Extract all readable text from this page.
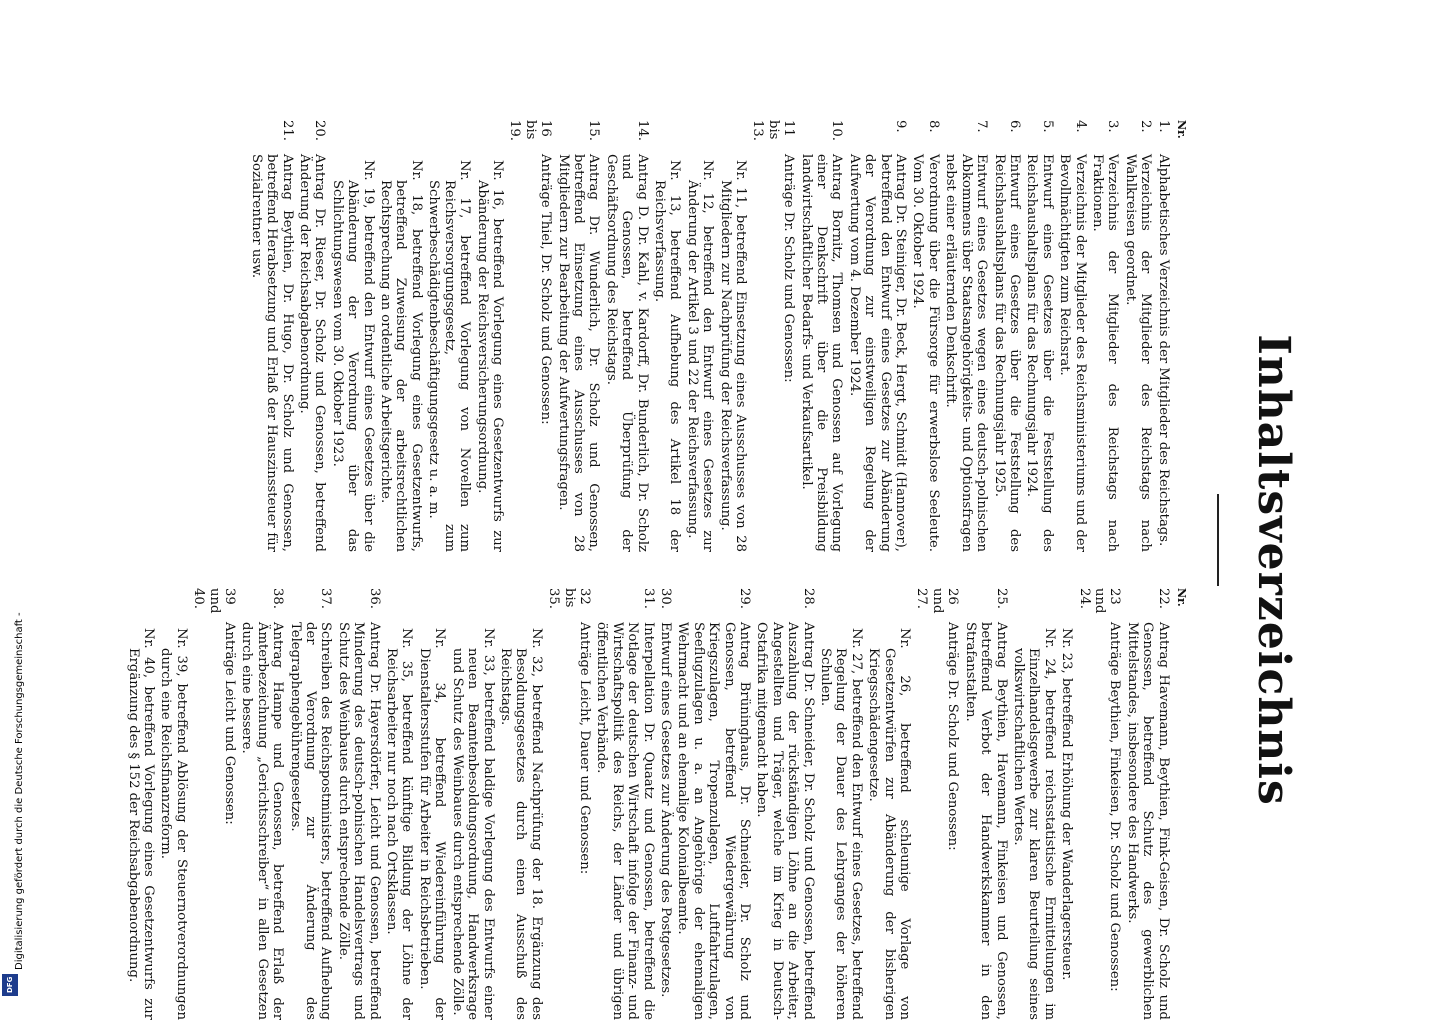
Digitalisierung gefördert durch die Deutsche Forschungsgemeinschaft -
DFG
Inhaltsverzeichnis
Nr.
1.
Alphabetisches Verzeichnis der Mitglieder des Reichstags.
2.
Verzeichnis der Mitglieder des Reichstags nach Wahlkreisen geordnet.
3.
Verzeichnis der Mitglieder des Reichstags nach Fraktionen.
4.
Verzeichnis der Mitglieder des Reichsministeriums und der Bevollmächtigten zum Reichsrat.
5.
Entwurf eines Gesetzes über die Feststellung des Reichshaushaltsplans für das Rechnungsjahr 1924.
6.
Entwurf eines Gesetzes über die Feststellung des Reichshaushaltsplans für das Rechnungsjahr 1925.
7.
Entwurf eines Gesetzes wegen eines deutsch-polnischen Abkommens über Staatsangehörigkeits- und Optionsfragen nebst einer erläuternden Denkschrift.
8.
Verordnung über die Fürsorge für erwerbslose Seeleute. Vom 30. Oktober 1924.
9.
Antrag Dr. Steiniger, Dr. Beck, Hergt, Schmidt (Hannover), betreffend den Entwurf eines Gesetzes zur Abänderung der Verordnung zur einstweiligen Regelung der Aufwertung vom 4. Dezember 1924.
10.
Antrag Bornitz, Thomsen und Genossen auf Vorlegung einer Denkschrift über die Preisbildung landwirtschaftlicher Bedarfs- und Verkaufsartikel.
11 bis 13.
Anträge Dr. Scholz und Genossen:
Nr. 11, betreffend Einsetzung eines Ausschusses von 28 Mitgliedern zur Nachprüfung der Reichsverfassung.
Nr. 12, betreffend den Entwurf eines Gesetzes zur Änderung der Artikel 3 und 22 der Reichsverfassung.
Nr. 13, betreffend Aufhebung des Artikel 18 der Reichsverfassung.
14.
Antrag D. Dr. Kahl, v. Kardorff, Dr. Bunderlich, Dr. Scholz und Genossen, betreffend Überprüfung der Geschäftsordnung des Reichstags.
15.
Antrag Dr. Wunderlich, Dr. Scholz und Genossen, betreffend Einsetzung eines Ausschusses von 28 Mitgliedern zur Bearbeitung der Aufwertungsfragen.
16 bis 19.
Anträge Thiel, Dr. Scholz und Genossen:
Nr. 16, betreffend Vorlegung eines Gesetzentwurfs zur Abänderung der Reichsversicherungsordnung.
Nr. 17, betreffend Vorlegung von Novellen zum Reichsversorgungsgesetz, zum Schwerbeschädigtenbeschäftigungsgesetz u. a. m.
Nr. 18, betreffend Vorlegung eines Gesetzentwurfs, betreffend Zuweisung der arbeitsrechtlichen Rechtsprechung an ordentliche Arbeitsgerichte.
Nr. 19, betreffend den Entwurf eines Gesetzes über die Abänderung der Verordnung über das Schlichtungswesen vom 30. Oktober 1923.
20.
Antrag Dr. Rieser, Dr. Scholz und Genossen, betreffend Änderung der Reichsabgabenordnung.
21.
Antrag Beythien, Dr. Hugo, Dr. Scholz und Genossen, betreffend Herabsetzung und Erlaß der Hauszinssteuer für Sozialrentner usw.
Nr.
22.
Antrag Havemann, Beythien, Fink-Geisen, Dr. Scholz und Genossen, betreffend Schutz des gewerblichen Mittelstandes, insbesondere des Handwerks.
23 und 24.
Anträge Beythien, Finkeisen, Dr. Scholz und Genossen:
Nr. 23, betreffend Erhöhung der Wanderlagersteuer.
Nr. 24, betreffend reichsstatistische Ermittelungen im Einzelhandelsgewerbe zur klaren Beurteilung seines volkswirtschaftlichen Wertes.
25.
Antrag Beythien, Havemann, Finkeisen und Genossen, betreffend Verbot der Handwerkskammer in den Strafanstalten.
26 und 27.
Anträge Dr. Scholz und Genossen:
Nr. 26, betreffend schleunige Vorlage von Gesetzentwürfen zur Abänderung der bisherigen Kriegsschädengesetze.
Nr. 27, betreffend den Entwurf eines Gesetzes, betreffend Regelung der Dauer des Lehrganges der höheren Schulen.
28.
Antrag Dr. Schneider, Dr. Scholz und Genossen, betreffend Auszahlung der rückständigen Löhne an die Arbeiter, Angestellten und Träger, welche im Krieg in Deutsch-Ostafrika mitgemacht haben.
29.
Antrag Brüninghaus, Dr. Schneider, Dr. Scholz und Genossen, betreffend Wiedergewährung von Kriegszulagen, Tropenzulagen, Luftfahrtzulagen, Seeflugzulagen u. a. an Angehörige der ehemaligen Wehrmacht und an ehemalige Kolonialbeamte.
30.
Entwurf eines Gesetzes zur Änderung des Postgesetzes.
31.
Interpellation Dr. Quaatz und Genossen, betreffend die Notlage der deutschen Wirtschaft infolge der Finanz- und Wirtschaftspolitik des Reichs, der Länder und übrigen öffentlichen Verbände.
32 bis 35.
Anträge Leicht, Dauer und Genossen:
Nr. 32, betreffend Nachprüfung der 18. Ergänzung des Besoldungsgesetzes durch einen Ausschuß des Reichstags.
Nr. 33, betreffend baldige Vorlegung des Entwurfs einer neuen Beamtenbesoldungsordnung, Handwerksrage und Schutz des Weinbaues durch entsprechende Zölle.
Nr. 34, betreffend Wiedereinführung der Dienstaltersstufen für Arbeiter in Reichsbetrieben.
Nr. 35, betreffend künftige Bildung der Löhne der Reichsarbeiter nur noch nach Ortsklassen.
36.
Antrag Dr. Hayersdörfer, Leicht und Genossen, betreffend Minderung des deutsch-polnischen Handelsvertrags und Schutz des Weinbaues durch entsprechende Zölle.
37.
Schreiben des Reichspostministers, betreffend Aufhebung der Verordnung zur Änderung des Telegraphengebührengesetzes.
38.
Antrag Hampe und Genossen, betreffend Erlaß der Ämterbezeichnung „Gerichtsschreiber“ in allen Gesetzen durch eine bessere.
39 und 40.
Anträge Leicht und Genossen:
Nr. 39, betreffend Ablösung der Steuernotverordnungen durch eine Reichsfinanzreform.
Nr. 40, betreffend Vorlegung eines Gesetzentwurfs zur Ergänzung des § 152 der Reichsabgabenordnung.
